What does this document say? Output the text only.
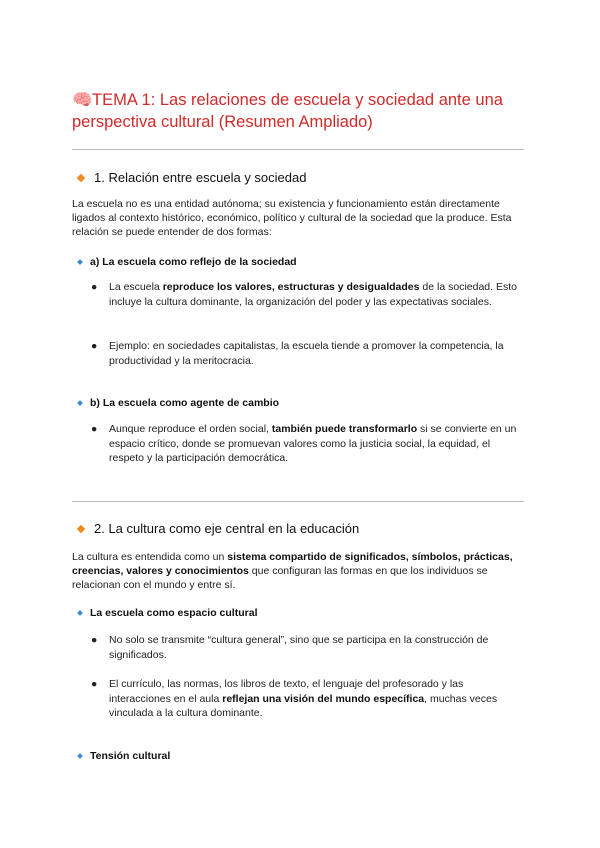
🧠TEMA 1: Las relaciones de escuela y sociedad ante una perspectiva cultural (Resumen Ampliado)
1. Relación entre escuela y sociedad
La escuela no es una entidad autónoma; su existencia y funcionamiento están directamente ligados al contexto histórico, económico, político y cultural de la sociedad que la produce. Esta relación se puede entender de dos formas:
a) La escuela como reflejo de la sociedad
● La escuela reproduce los valores, estructuras y desigualdades de la sociedad. Esto incluye la cultura dominante, la organización del poder y las expectativas sociales.
● Ejemplo: en sociedades capitalistas, la escuela tiende a promover la competencia, la productividad y la meritocracia.
b) La escuela como agente de cambio
● Aunque reproduce el orden social, también puede transformarlo si se convierte en un espacio crítico, donde se promuevan valores como la justicia social, la equidad, el respeto y la participación democrática.
2. La cultura como eje central en la educación
La cultura es entendida como un sistema compartido de significados, símbolos, prácticas, creencias, valores y conocimientos que configuran las formas en que los individuos se relacionan con el mundo y entre sí.
La escuela como espacio cultural
● No solo se transmite “cultura general”, sino que se participa en la construcción de significados.
● El currículo, las normas, los libros de texto, el lenguaje del profesorado y las interacciones en el aula reflejan una visión del mundo específica, muchas veces vinculada a la cultura dominante.
Tensión cultural
